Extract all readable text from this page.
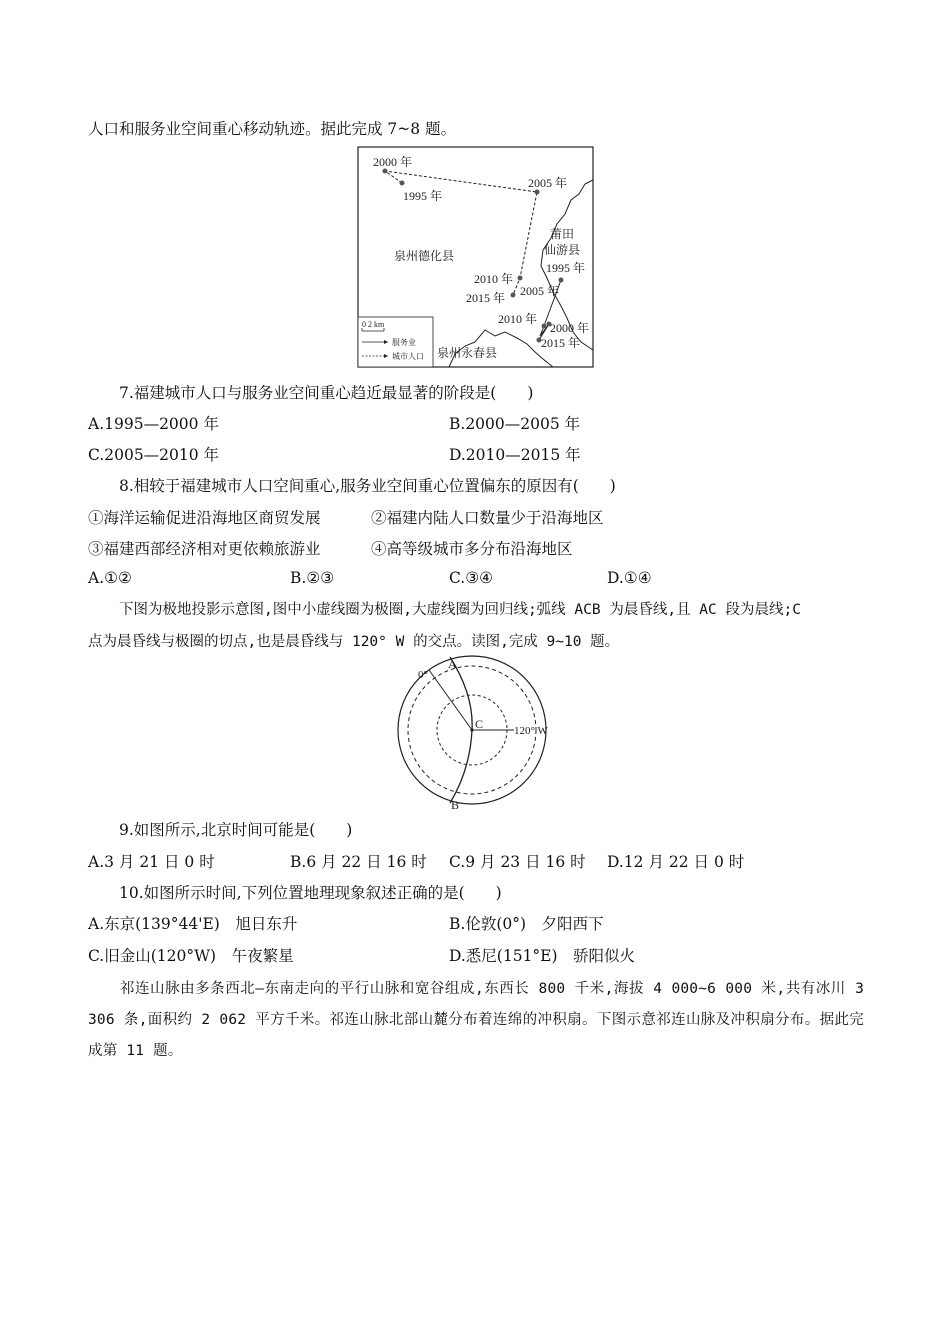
人口和服务业空间重心移动轨迹。据此完成 7~8 题。
2000 年
1995 年
2005 年
泉州德化县
莆田
仙游县
1995 年
2010 年
2015 年 2005 年
2010 年
2000 年
2015 年
泉州永春县
0 2 km
服务业
城市人口
7.福建城市人口与服务业空间重心趋近最显著的阶段是(　　)
A.1995—2000 年	B.2000—2005 年
C.2005—2010 年	D.2010—2015 年
8.相较于福建城市人口空间重心,服务业空间重心位置偏东的原因有(　　)
①海洋运输促进沿海地区商贸发展	②福建内陆人口数量少于沿海地区
③福建西部经济相对更依赖旅游业	④高等级城市多分布沿海地区
A.①②	B.②③	C.③④	D.①④
下图为极地投影示意图,图中小虚线圈为极圈,大虚线圈为回归线;弧线 ACB 为晨昏线,且 AC 段为晨线;C
点为晨昏线与极圈的切点,也是晨昏线与 120° W 的交点。读图,完成 9~10 题。
A
0°
C	120° W
B
9.如图所示,北京时间可能是(　　)
A.3 月 21 日 0 时	B.6 月 22 日 16 时 C.9 月 23 日 16 时 D.12 月 22 日 0 时
10.如图所示时间,下列位置地理现象叙述正确的是(　　)
A.东京(139°44'E)　旭日东升	B.伦敦(0°)　夕阳西下
C.旧金山(120°W)　午夜繁星	D.悉尼(151°E)　骄阳似火
祁连山脉由多条西北—东南走向的平行山脉和宽谷组成,东西长 800 千米,海拔 4 000~6 000 米,共有冰川 3 306 条,面积约 2 062 平方千米。祁连山脉北部山麓分布着连绵的冲积扇。下图示意祁连山脉及冲积扇分布。据此完成第 11 题。
